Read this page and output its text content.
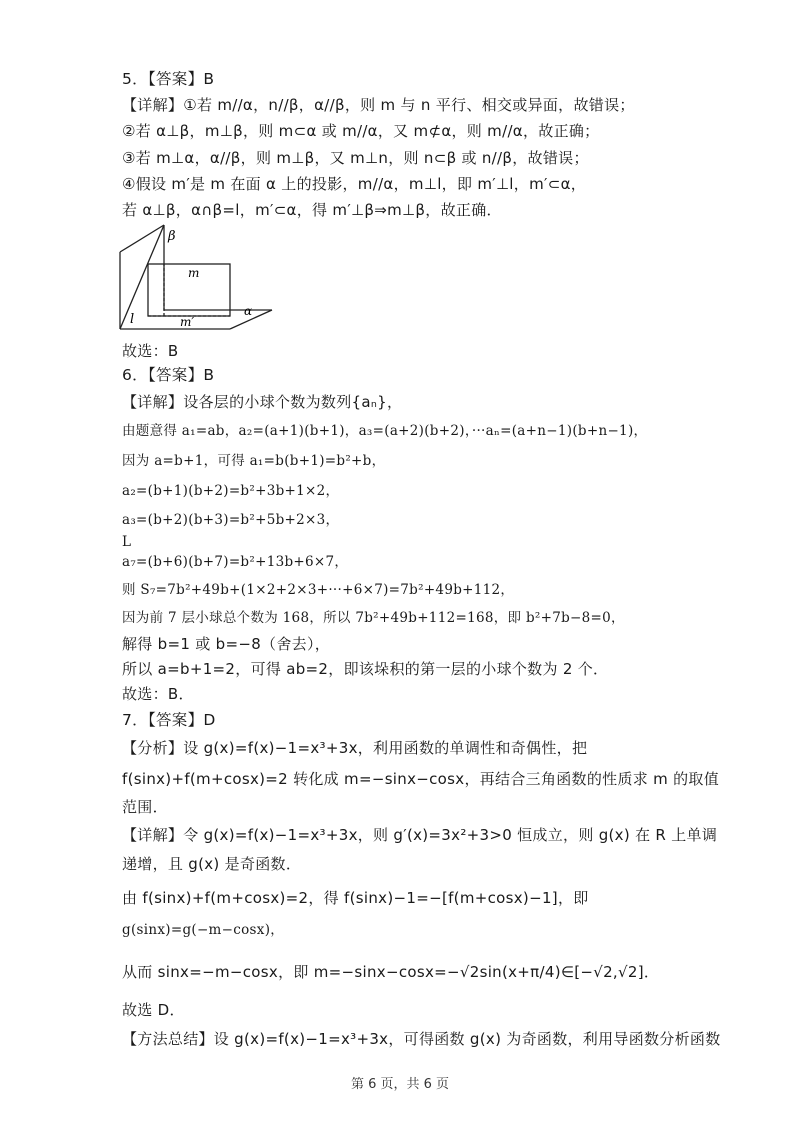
5．【答案】B
【详解】①若 m//α，n//β，α//β，则 m 与 n 平行、相交或异面，故错误；
②若 α⊥β，m⊥β，则 m⊂α 或 m//α，又 m⊄α，则 m//α，故正确；
③若 m⊥α，α//β，则 m⊥β，又 m⊥n，则 n⊂β 或 n//β，故错误；
④假设 m′是 m 在面 α 上的投影，m//α，m⊥l，即 m′⊥l，m′⊂α，
若 α⊥β，α∩β=l，m′⊂α，得 m′⊥β⇒m⊥β，故正确．
β
m
α
m′
l
故选：B
6．【答案】B
【详解】设各层的小球个数为数列{aₙ}，
由题意得 a₁=ab，a₂=(a+1)(b+1)，a₃=(a+2)(b+2)，···aₙ=(a+n−1)(b+n−1)，
因为 a=b+1，可得 a₁=b(b+1)=b²+b，
a₂=(b+1)(b+2)=b²+3b+1×2，
a₃=(b+2)(b+3)=b²+5b+2×3，
L
a₇=(b+6)(b+7)=b²+13b+6×7，
则 S₇=7b²+49b+(1×2+2×3+···+6×7)=7b²+49b+112，
因为前 7 层小球总个数为 168，所以 7b²+49b+112=168，即 b²+7b−8=0，
解得 b=1 或 b=−8（舍去），
所以 a=b+1=2，可得 ab=2，即该垛积的第一层的小球个数为 2 个．
故选：B．
7．【答案】D
【分析】设 g(x)=f(x)−1=x³+3x，利用函数的单调性和奇偶性，把
f(sinx)+f(m+cosx)=2 转化成 m=−sinx−cosx，再结合三角函数的性质求 m 的取值
范围．
【详解】令 g(x)=f(x)−1=x³+3x，则 g′(x)=3x²+3>0 恒成立，则 g(x) 在 R 上单调
递增，且 g(x) 是奇函数．
由 f(sinx)+f(m+cosx)=2，得 f(sinx)−1=−[f(m+cosx)−1]，即
g(sinx)=g(−m−cosx)，
从而 sinx=−m−cosx，即 m=−sinx−cosx=−√2sin(x+π/4)∈[−√2,√2]．
故选 D．
【方法总结】设 g(x)=f(x)−1=x³+3x，可得函数 g(x) 为奇函数，利用导函数分析函数
第 6 页，共 6 页
